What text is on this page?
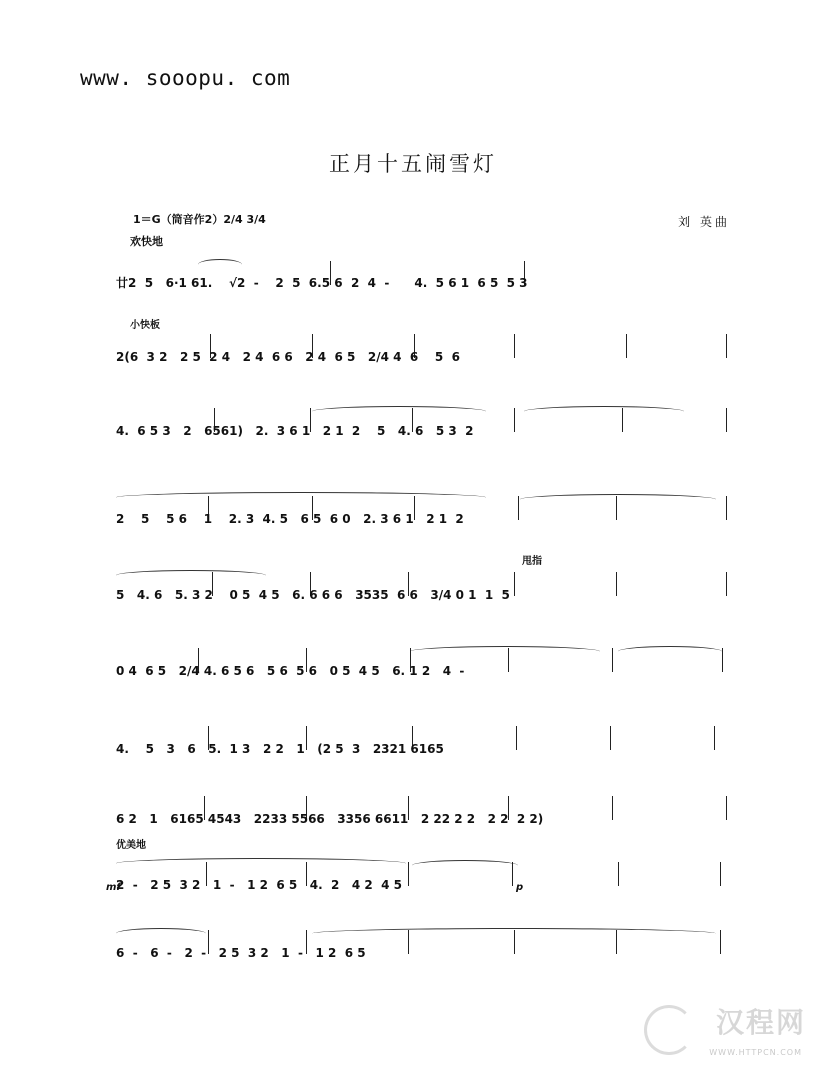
www. sooopu. com
正月十五闹雪灯
1＝G（筒音作2）2/4 3/4
欢快地
刘 英曲
廿2  5   6·1 61.    √2  -    2  5  6.5 6  2  4  -      4.  5 6 1  6 5  5 3
小快板
2(6  3 2   2 5  2 4   2 4  6 6   2 4  6 5   2/4 4  6    5  6
4.  6 5 3   2   6561)   2.  3 6 1   2 1  2    5   4. 6   5 3  2
2    5    5 6    1    2. 3  4. 5   6 5  6 0   2. 3 6 1   2 1  2
甩指
5   4. 6   5. 3 2    0 5  4 5   6. 6 6 6   3535  6 6   3/4 0 1  1  5
0 4  6 5   2/4 4. 6 5 6   5 6  5 6   0 5  4 5   6. 1 2   4  -
4.    5   3   6   5.  1 3   2 2   1   (2 5  3   2321 6165
6 2   1   6165 4543   2233 5566   3356 6611   2 22 2 2   2 2  2 2)
优美地
2  -   2 5  3 2   1  -   1 2  6 5   4.  2   4 2  4 5
mf	p
6  -   6  -   2  -   2 5  3 2   1  -   1 2  6 5
汉程网
WWW.HTTPCN.COM
